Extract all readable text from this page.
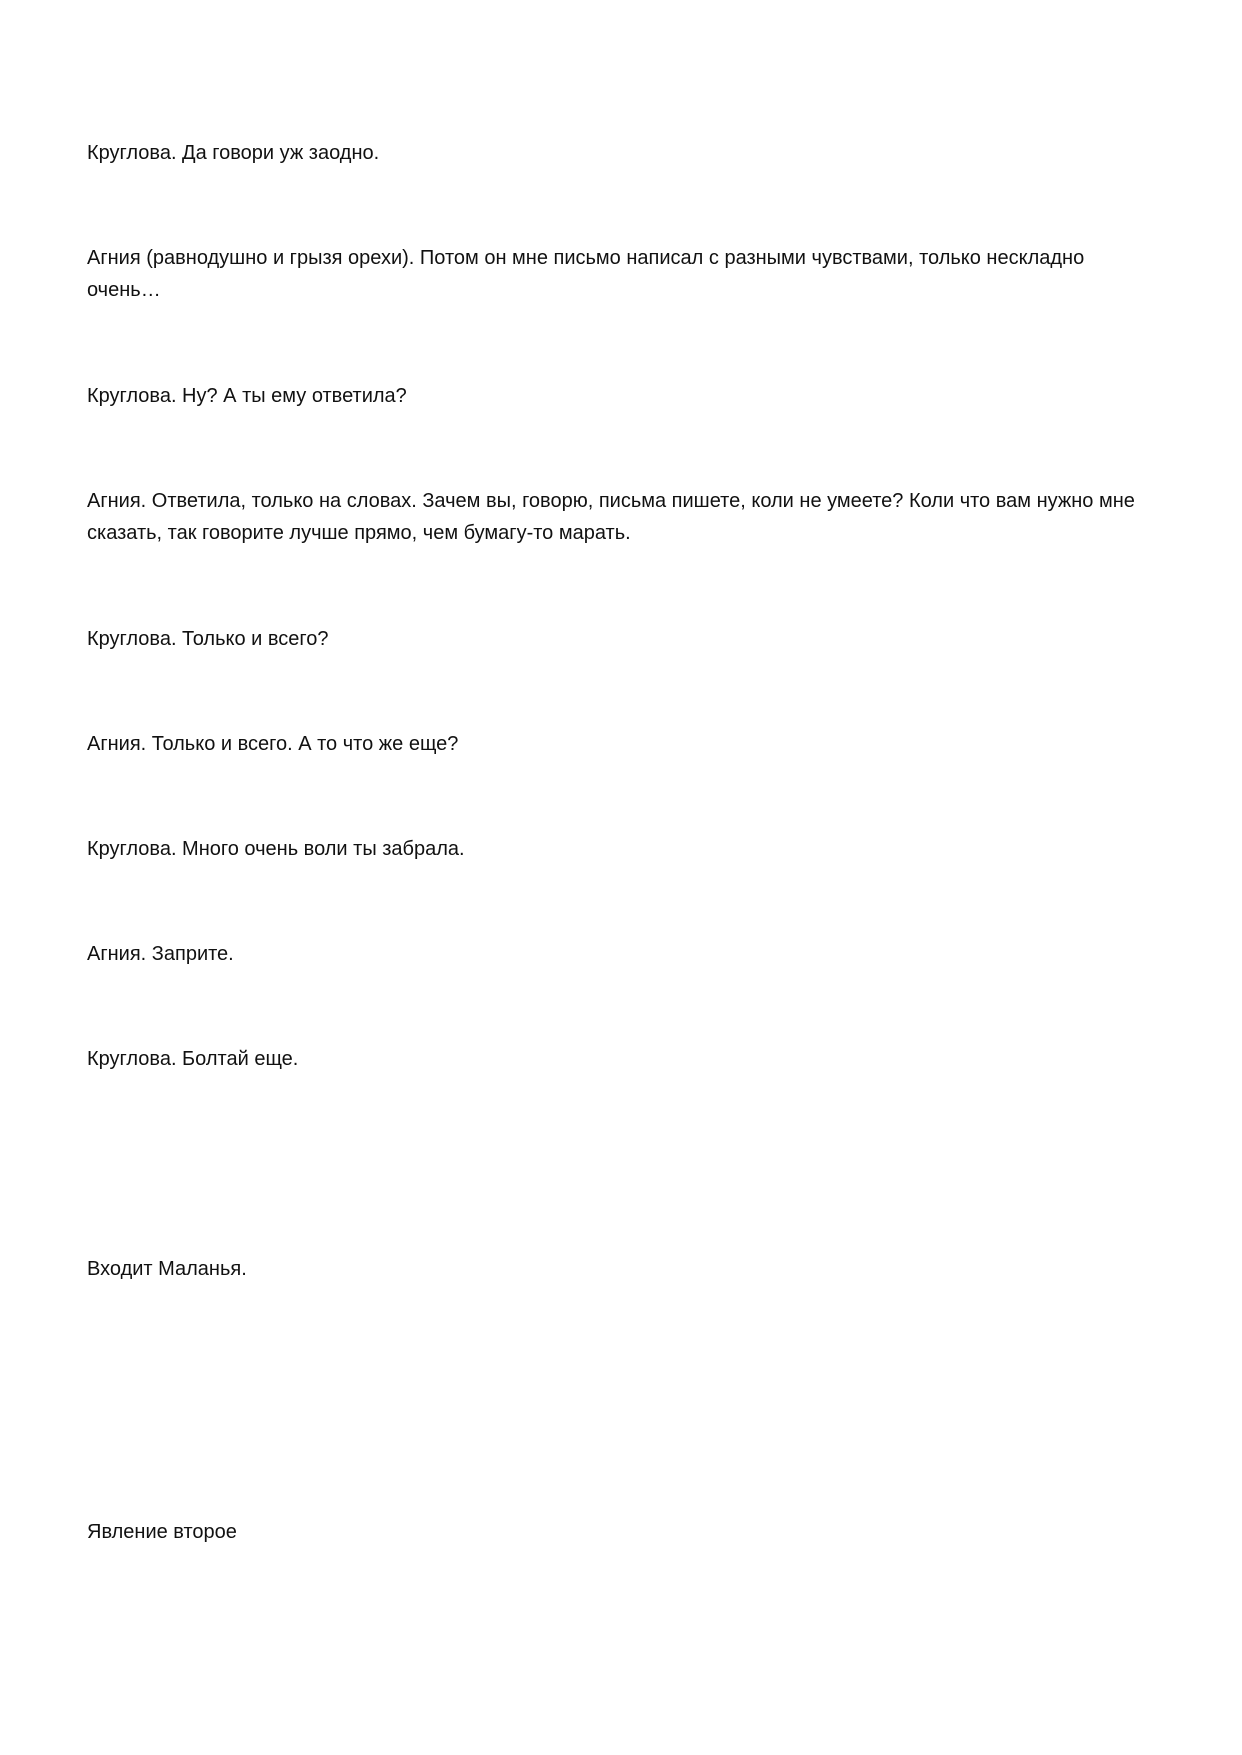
Круглова. Да говори уж заодно.

Агния (равнодушно и грызя орехи). Потом он мне письмо написал с разными чувствами, только нескладно очень…

Круглова. Ну? А ты ему ответила?

Агния. Ответила, только на словах. Зачем вы, говорю, письма пишете, коли не умеете? Коли что вам нужно мне сказать, так говорите лучше прямо, чем бумагу-то марать.

Круглова. Только и всего?

Агния. Только и всего. А то что же еще?

Круглова. Много очень воли ты забрала.

Агния. Заприте.

Круглова. Болтай еще.

Входит Маланья.

Явление второе
